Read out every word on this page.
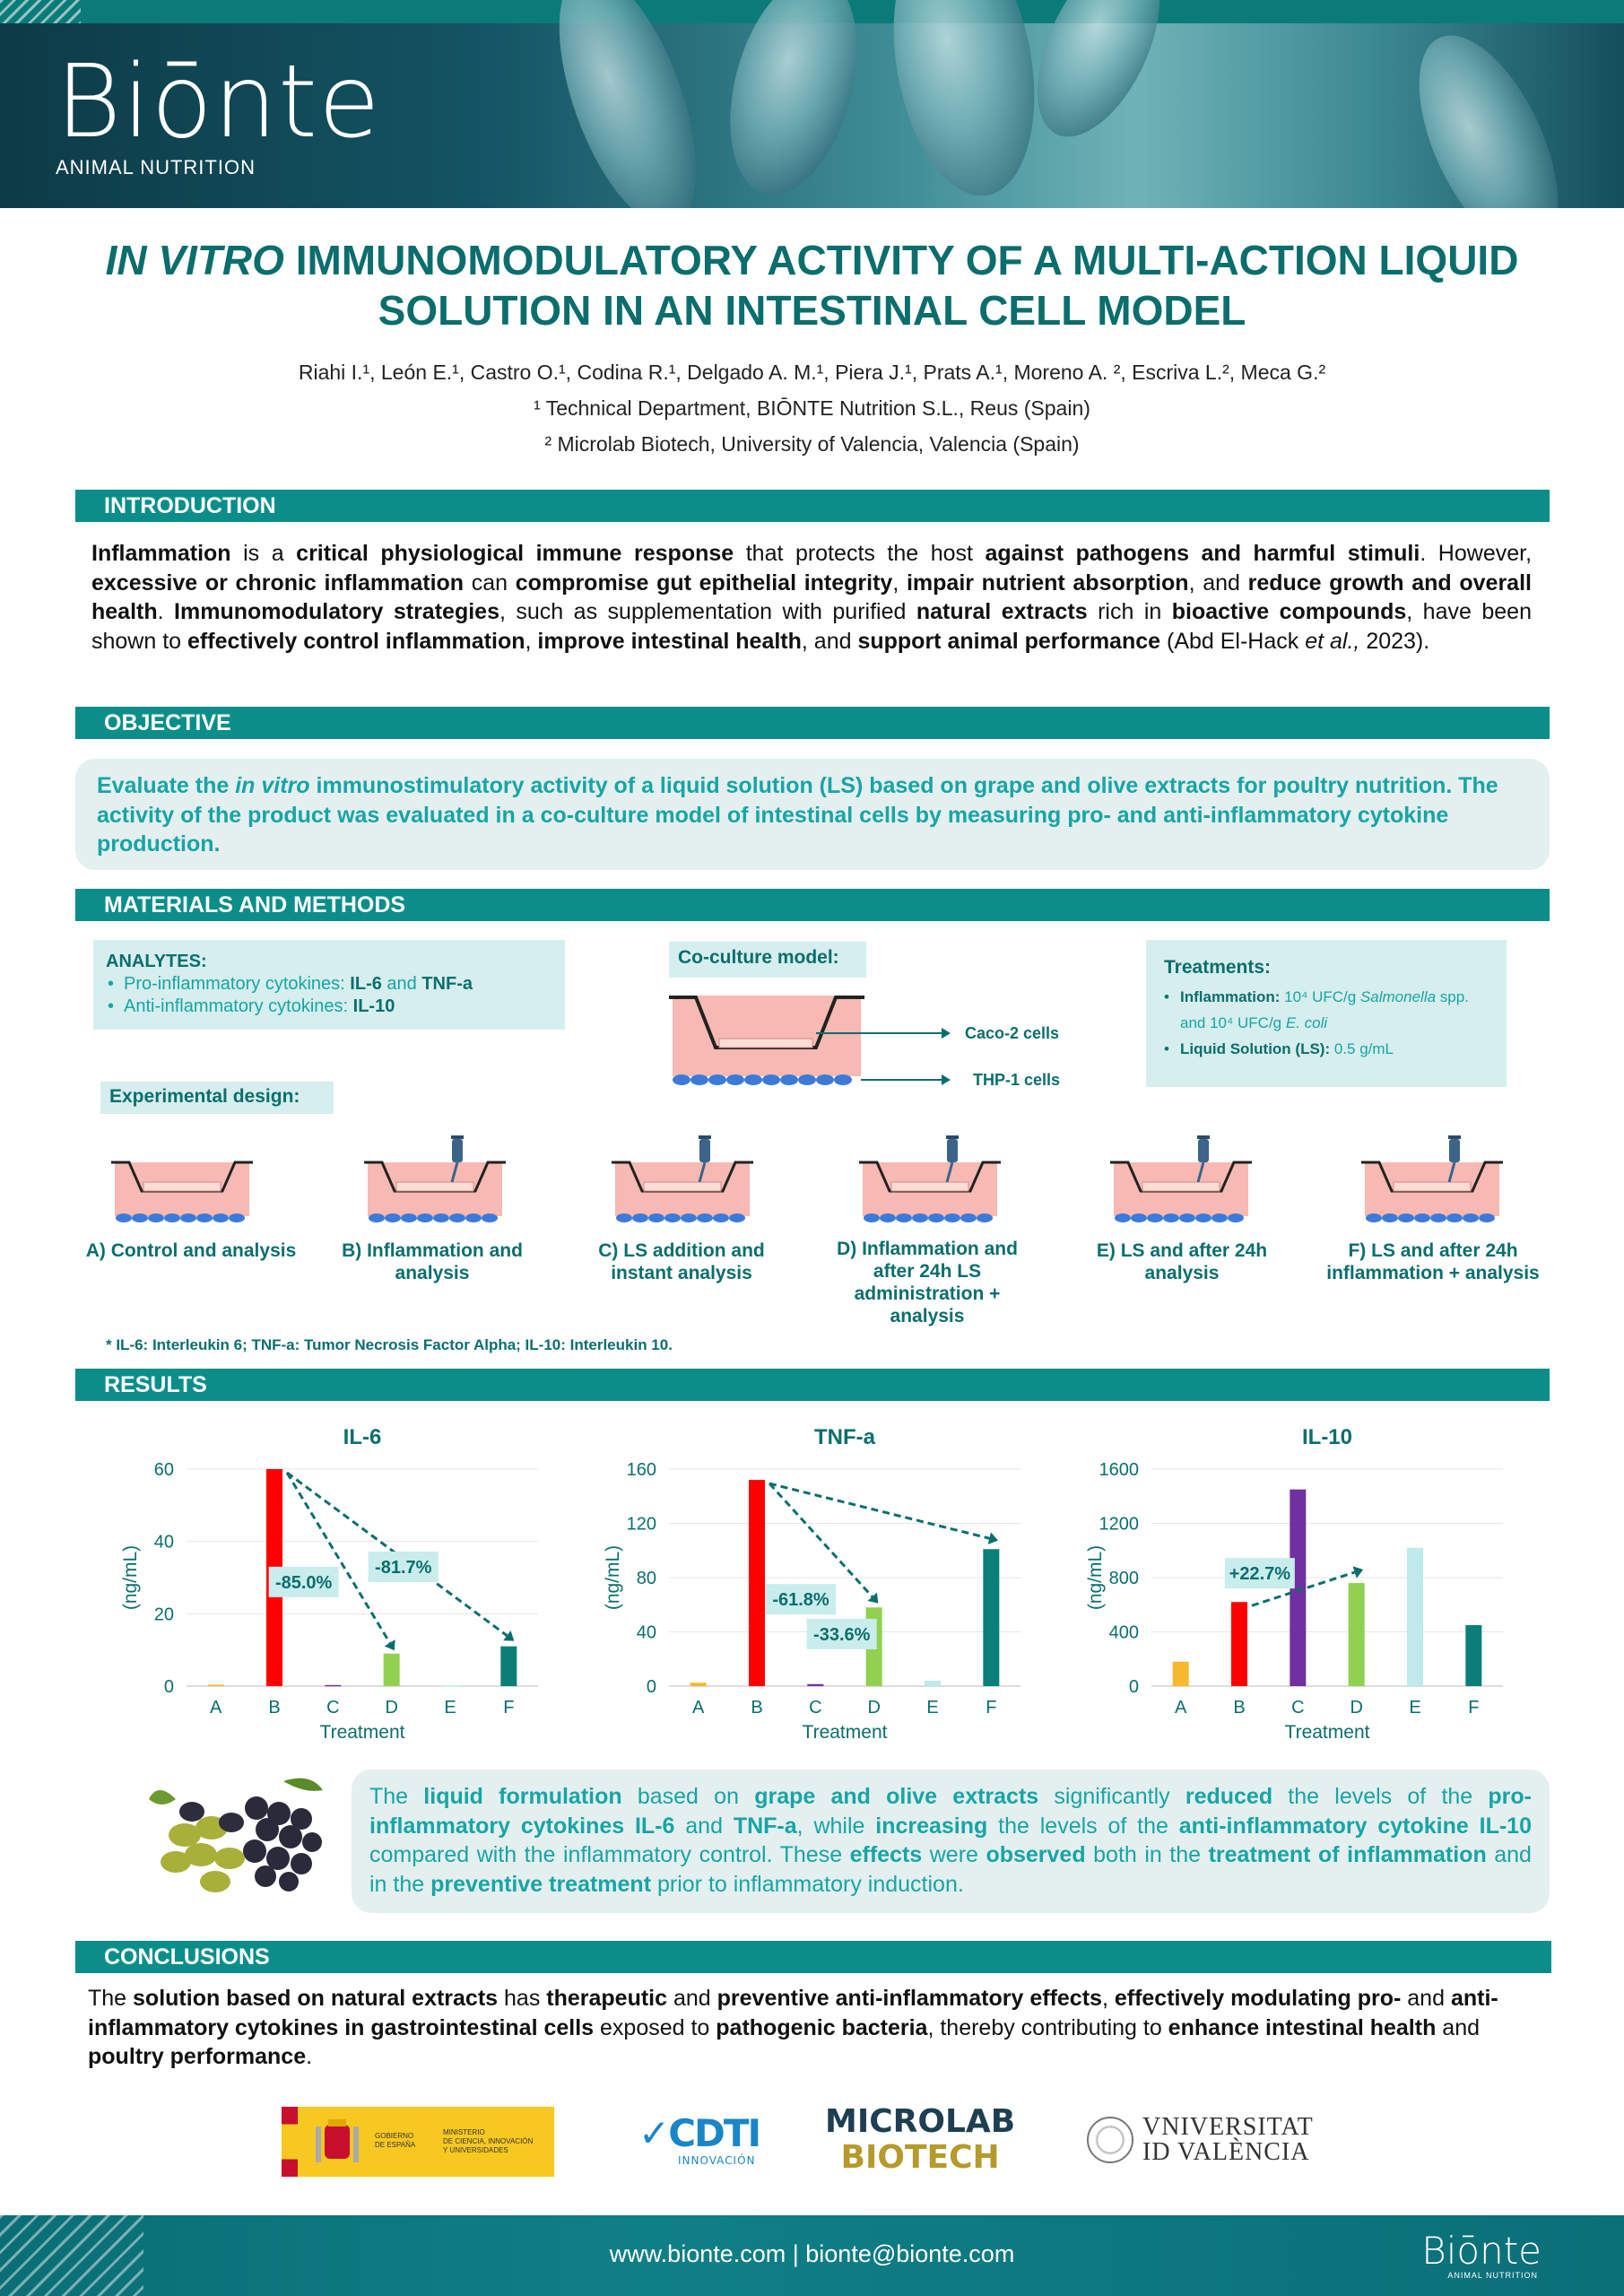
Biōnte
ANIMAL NUTRITION
IN VITRO IMMUNOMODULATORY ACTIVITY OF A MULTI-ACTION LIQUID
SOLUTION IN AN INTESTINAL CELL MODEL
Riahi I.¹, León E.¹, Castro O.¹, Codina R.¹, Delgado A. M.¹, Piera J.¹, Prats A.¹, Moreno A. ², Escriva L.², Meca G.²
¹ Technical Department, BIŌNTE Nutrition S.L., Reus (Spain)
² Microlab Biotech, University of Valencia, Valencia (Spain)
INTRODUCTION
Inflammation is a critical physiological immune response that protects the host against pathogens and harmful stimuli. However, excessive or chronic inflammation can compromise gut epithelial integrity, impair nutrient absorption, and reduce growth and overall health. Immunomodulatory strategies, such as supplementation with purified natural extracts rich in bioactive compounds, have been shown to effectively control inflammation, improve intestinal health, and support animal performance (Abd El-Hack et al., 2023).
OBJECTIVE
Evaluate the in vitro immunostimulatory activity of a liquid solution (LS) based on grape and olive extracts for poultry nutrition. The activity of the product was evaluated in a co-culture model of intestinal cells by measuring pro- and anti-inflammatory cytokine production.
MATERIALS AND METHODS
ANALYTES:
• Pro-inflammatory cytokines: IL-6 and TNF-a
• Anti-inflammatory cytokines: IL-10
Co-culture model:
Caco-2 cells
THP-1 cells
Treatments:
• Inflammation: 10⁴ UFC/g Salmonella spp. and 10⁴ UFC/g E. coli
• Liquid Solution (LS): 0.5 g/mL
Experimental design:
A) Control and analysis	B) Inflammation and analysis
C) LS addition and instant analysis
D) Inflammation and after 24h LS administration + analysis
E) LS and after 24h analysis
F) LS and after 24h inflammation + analysis
* IL-6: Interleukin 6; TNF-a: Tumor Necrosis Factor Alpha; IL-10: Interleukin 10.
RESULTS
IL-6
0
20
40
60
(ng/mL)
A	B	C	D	E	F
Treatment
-85.0%
-81.7%
TNF-a
0
40
80
120
160
(ng/mL)
A	B	C	D	E	F
Treatment
-61.8%
-33.6%
IL-10
0
400
800
1200
1600
(ng/mL)
A	B	C	D	E	F
Treatment
+22.7%
The liquid formulation based on grape and olive extracts significantly reduced the levels of the pro-inflammatory cytokines IL-6 and TNF-a, while increasing the levels of the anti-inflammatory cytokine IL-10 compared with the inflammatory control. These effects were observed both in the treatment of inflammation and in the preventive treatment prior to inflammatory induction.
CONCLUSIONS
The solution based on natural extracts has therapeutic and preventive anti-inflammatory effects, effectively modulating pro- and anti-inflammatory cytokines in gastrointestinal cells exposed to pathogenic bacteria, thereby contributing to enhance intestinal health and poultry performance.
GOBIERNO
DE ESPAÑA
MINISTERIO
DE CIENCIA, INNOVACIÓN
Y UNIVERSIDADES	✓CDTI
INNOVACIÓN
MICROLAB
BIOTECH
VNIVERSITAT
ID VALÈNCIA
www.bionte.com | bionte@bionte.com	Biōnte
ANIMAL NUTRITION
